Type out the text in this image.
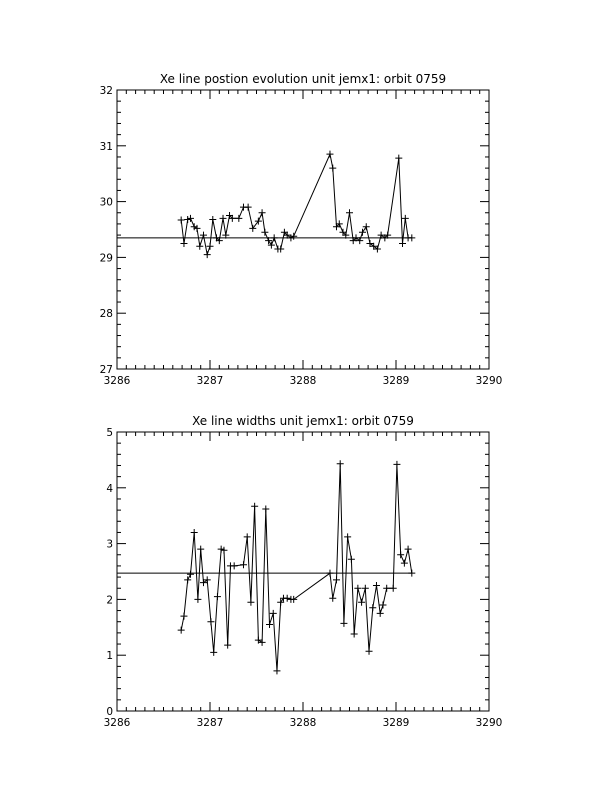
Xe line postion evolution unit jemx1: orbit 0759
3286	3287	3288	3289	3290
27
28
29
30
31
32
Xe line widths unit jemx1: orbit 0759
3286	3287	3288	3289	3290
0
1
2
3
4
5
